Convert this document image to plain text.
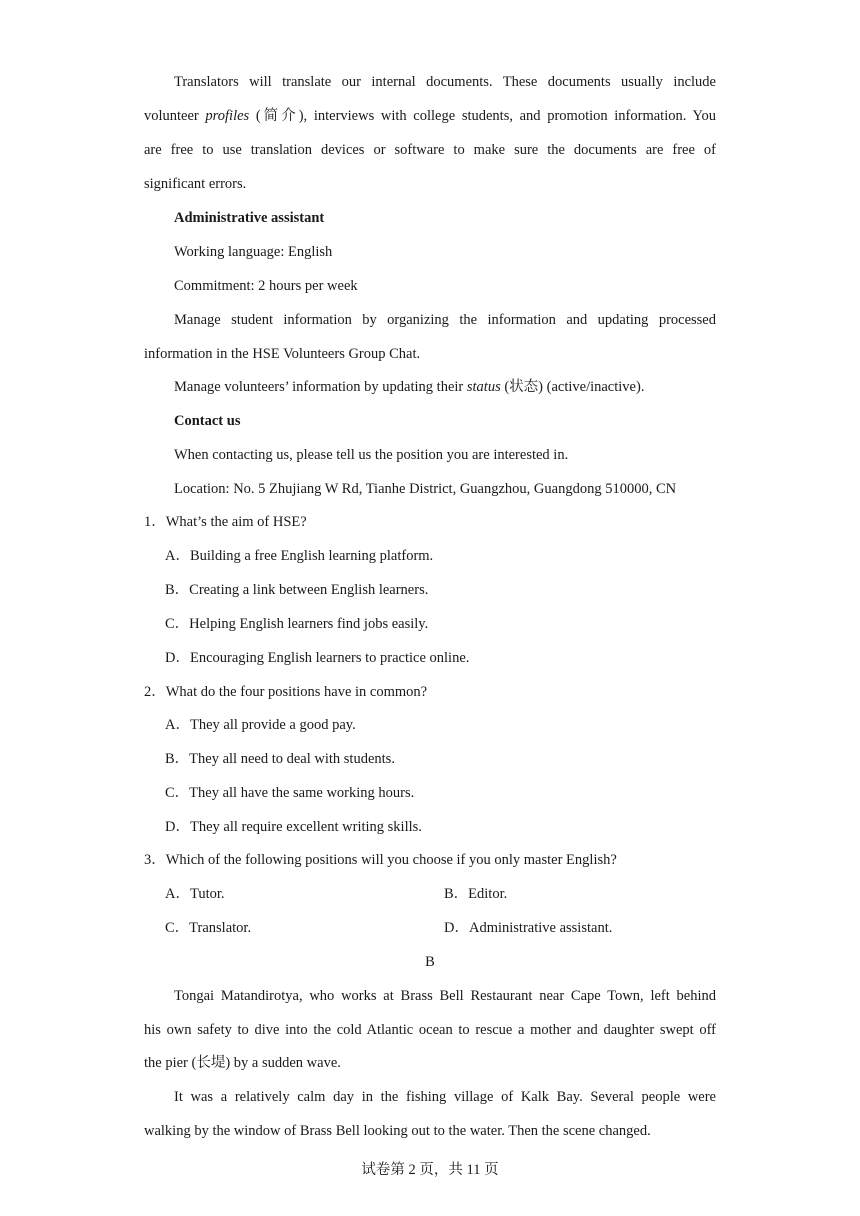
Translators will translate our internal documents. These documents usually include
volunteer profiles (简介), interviews with college students, and promotion information. You
are free to use translation devices or software to make sure the documents are free of
significant errors.
Administrative assistant
Working language: English
Commitment: 2 hours per week
Manage student information by organizing the information and updating processed
information in the HSE Volunteers Group Chat.
Manage volunteers’ information by updating their status (状态) (active/inactive).
Contact us
When contacting us, please tell us the position you are interested in.
Location: No. 5 Zhujiang W Rd, Tianhe District, Guangzhou, Guangdong 510000, CN
1．What’s the aim of HSE?
A．Building a free English learning platform.
B．Creating a link between English learners.
C．Helping English learners find jobs easily.
D．Encouraging English learners to practice online.
2．What do the four positions have in common?
A．They all provide a good pay.
B．They all need to deal with students.
C．They all have the same working hours.
D．They all require excellent writing skills.
3．Which of the following positions will you choose if you only master English?
A．Tutor.	B．Editor.
C．Translator.	D．Administrative assistant.
B
Tongai Matandirotya, who works at Brass Bell Restaurant near Cape Town, left behind
his own safety to dive into the cold Atlantic ocean to rescue a mother and daughter swept off
the pier (长堤) by a sudden wave.
It was a relatively calm day in the fishing village of Kalk Bay. Several people were
walking by the window of Brass Bell looking out to the water. Then the scene changed.
试卷第 2 页，共 11 页
